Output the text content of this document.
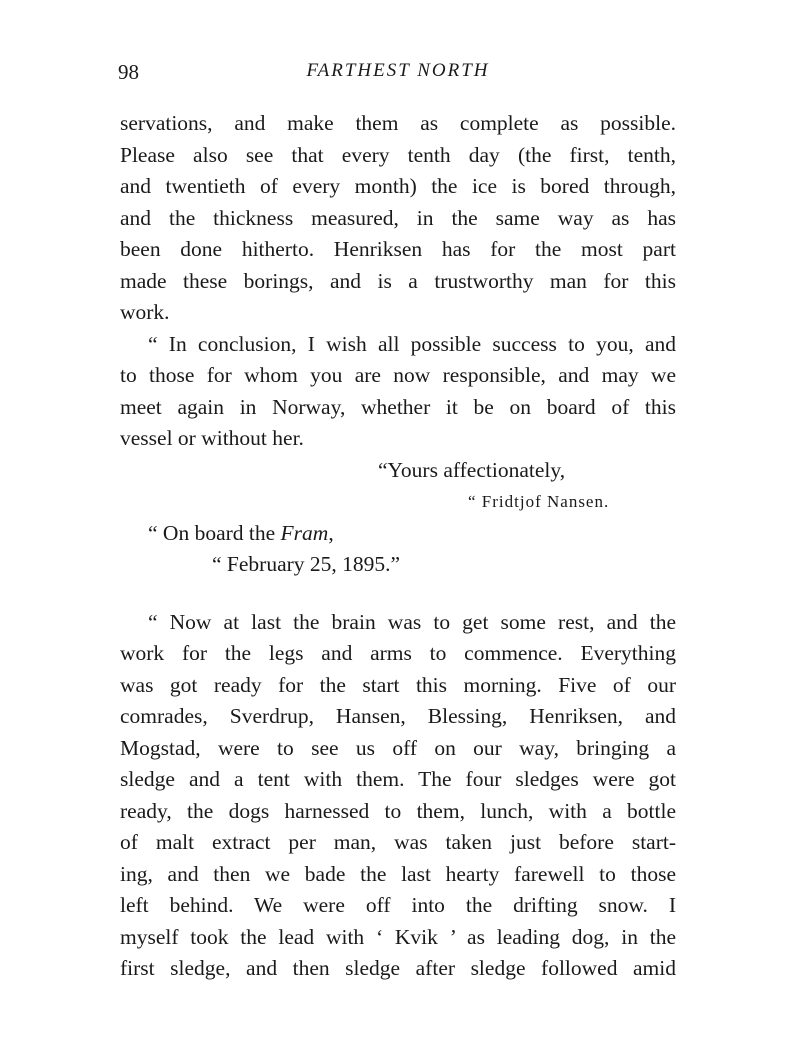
98	FARTHEST NORTH
servations, and make them as complete as possible.
Please also see that every tenth day (the first, tenth,
and twentieth of every month) the ice is bored through,
and the thickness measured, in the same way as has
been done hitherto. Henriksen has for the most part
made these borings, and is a trustworthy man for this
work.
“ In conclusion, I wish all possible success to you, and
to those for whom you are now responsible, and may we
meet again in Norway, whether it be on board of this
vessel or without her.
“Yours affectionately,
“ Fridtjof Nansen.
“ On board the Fram,
“ February 25, 1895.”
“ Now at last the brain was to get some rest, and the
work for the legs and arms to commence. Everything
was got ready for the start this morning. Five of our
comrades, Sverdrup, Hansen, Blessing, Henriksen, and
Mogstad, were to see us off on our way, bringing a
sledge and a tent with them. The four sledges were got
ready, the dogs harnessed to them, lunch, with a bottle
of malt extract per man, was taken just before start-
ing, and then we bade the last hearty farewell to those
left behind. We were off into the drifting snow. I
myself took the lead with ‘ Kvik ’ as leading dog, in the
first sledge, and then sledge after sledge followed amid
